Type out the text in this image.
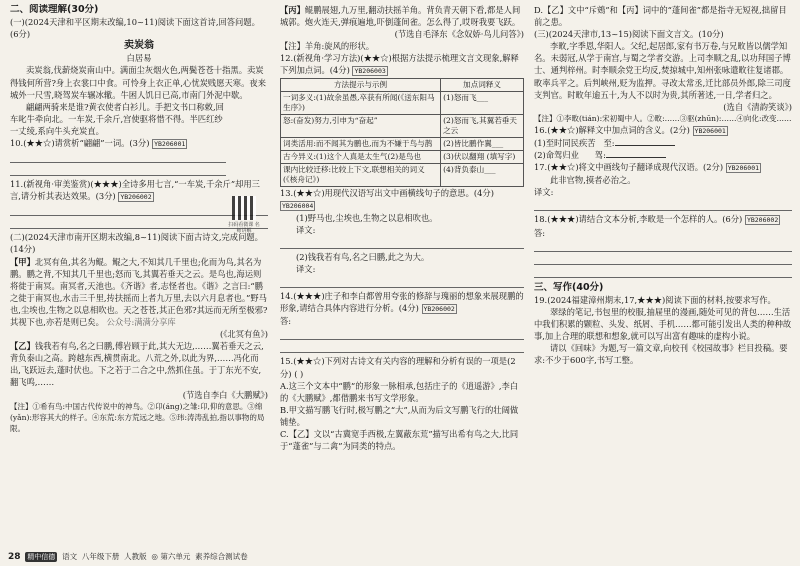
二、阅读理解(30分)

(一)(2024天津和平区期末改编,10~11)阅读下面这首诗,回答问题。(6分)

卖炭翁

白居易

卖炭翁,伐薪烧炭南山中。满面尘灰烟火色,两鬓苍苍十指黑。卖炭得钱何所营?身上衣裳口中食。可怜身上衣正单,心忧炭贱愿天寒。夜来城外一尺雪,晓驾炭车辗冰辙。牛困人饥日已高,市南门外泥中歇。

翩翩两骑来是谁?黄衣使者白衫儿。手把文书口称敕,回车叱牛牵向北。一车炭,千余斤,宫使驱将惜不得。半匹红纱一丈绫,系向牛头充炭直。

10.(★★☆)请赏析“翩翩”一词。(3分) YB206001

11.(新视角·审美鉴赏)(★★★)全诗多用七言,“一车炭,千余斤”却用三言,请分析其表达效果。(3分) YB206002

(二)(2024天津市南开区期末改编,8~11)阅读下面古诗文,完成问题。(14分)

【甲】北冥有鱼,其名为鲲。鲲之大,不知其几千里也;化而为鸟,其名为鹏。鹏之背,不知其几千里也;怒而飞,其翼若垂天之云。是鸟也,海运则将徙于南冥。南冥者,天池也。《齐谐》者,志怪者也。《谐》之言曰:“鹏之徙于南冥也,水击三千里,抟扶摇而上者九万里,去以六月息者也。”野马也,尘埃也,生物之以息相吹也。天之苍苍,其正色邪?其远而无所至极邪?其视下也,亦若是则已矣。 公众号:满满分享库

(《北冥有鱼》)

【乙】钱我若有鸟,名之曰鹏,傅岩顾于此,其大无边,……翼若垂天之云,背负泰山之高。跨越东西,横贯南北。八荒之外,以此为界,……冯化而出,飞跃远去,蓬时伏也。下之若于二合之中,然抓住虽。于丁东光不安,翻飞鸣,……

(节选自李白《大鹏赋》)

【注】①希有鸟:中国古代传说中的神鸟。②卬(áng)之雏:卬,仰的意思。③绵(yǎn):形容其大的样子。④东荒:东方荒远之地。⑤玮:涛涛乱拍,指以事物的局限。

扫码看微课 名师讲解

【丙】鲲鹏展翅,九万里,翻动扶摇羊角。背负青天朝下看,都是人间城郭。炮火连天,弹痕遍地,吓倒蓬间雀。怎么得了,哎呀我要飞跃。

(节选自毛泽东《念奴娇·鸟儿问答》)

【注】羊角:旋风的形状。

12.(新视角·学习方法)(★★☆)根据方法提示梳理文言文现象,解释下列加点词。(4分) YB206003

方法提示与示例	加点词释义
一词多义:(1)故余虽愚,卒获有所闻(《送东阳马生序》)	(1)怒而飞___
怒:(奋发)努力,引申为“奋起”	(2)怒而飞,其翼若垂天之云
词类活用:而不闻其为鹏也,而为不嫌于鸟与鹊	(2)皆比鹏作翼___
古今异义:(1)这个人真是太生气(2)是鸟也	(3)伏以翻翔 (填写字)
课内比较迁移:比较上下文,联想相关的词义(《核舟记》)	(4)背负泰山___

13.(★★☆)用现代汉语写出文中画横线句子的意思。(4分) YB206004

(1)野马也,尘埃也,生物之以息相吹也。

译文:

(2)钱我若有鸟,名之曰鹏,此之为大。

译文:

14.(★★★)庄子和李白都曾用夸张的修辞与瑰丽的想象来展现鹏的形象,请结合具体内容进行分析。(4分) YB206002

答:

15.(★★☆)下列对古诗文有关内容的理解和分析有误的一项是(2分) ( )

A.这三个文本中“鹏”的形象一脉相承,包括庄子的《逍遥游》,李白的《大鹏赋》,都借鹏来书写文学形象。

B.甲文描写鹏飞行时,极写鹏之“大”,从而为后文写鹏飞行的壮阔做铺垫。

C.【乙】文以“古冀宽手西极,左翼蔽东荒”描写出希有鸟之大,比同于“蓬雀”与二禽”为同类的特点。

D.【乙】文中“斥鴳”和【丙】词中的“蓬间雀”都是指寺无短视,拙留目前之患。

(三)(2024天津市,13~15)阅读下面文言文。(10分)

李畋,字季恩,华阳人。父纪,起居郎,家有书万卷,与兄畋皆以儒学知名。未弱冠,从学于南宫,与蜀之学者交游。上司李顺之乱,以功拜国子博士、通判梓州。时李顺余党王均反,焚掠城中,知州张咏遣畋往复诸郡。畋率兵平之。后判峡州,贬为监押。寻改太常丞,迁比部员外郎,除三司度支判官。时畋年逾五十,为人不以时为贵,其所著述,一日,学者归之。

(选自《清韵笑谈》)

【注】①李畋(tián):宋初蜀中人。②畋:……③驱(zhūn):……④向化:改变……

16.(★★☆)解释文中加点词的含义。(2分) YB206001

(1)至时同民疾苦 至:

(2)命驾归业 驾:

17.(★★☆)将文中画线句子翻译成现代汉语。(2分) YB206001

此非官物,摸者必治之。

译文:

18.(★★★)请结合文本分析,李畋是一个怎样的人。(6分) YB206002

答:

三、写作(40分)

19.(2024福建漳州期末,17,★★★)阅读下面的材料,按要求写作。

翠绿的笔记,书包里的校服,抽屉里的漫画,随处可见的背包……生活中我们积累的颗粒、头发、纸屑、手机……都可能引发出人类的种种故事,加上合理的联想和想象,就可以写出富有趣味的虚构小说。

请以《回味》为题,写一篇文章,向校刊《校园故事》栏目投稿。要求:不少于600字,书写工整。

28 精中信德 语文 八年级下册 人教版  ◎ 第六单元 素养综合测试卷
